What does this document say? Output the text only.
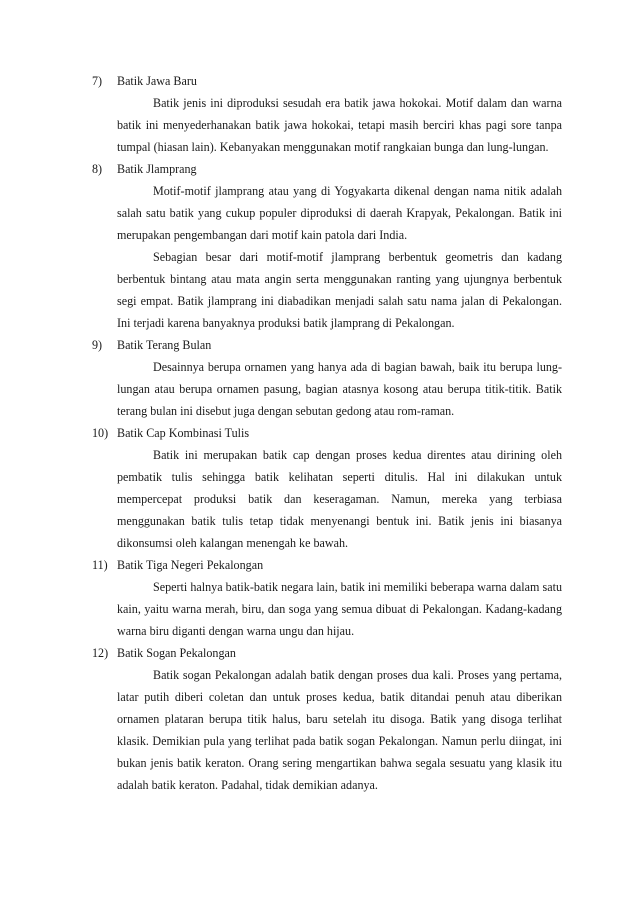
7)	Batik Jawa Baru

Batik jenis ini diproduksi sesudah era batik jawa hokokai. Motif dalam dan warna batik ini menyederhanakan batik jawa hokokai, tetapi masih berciri khas pagi sore tanpa tumpal (hiasan lain). Kebanyakan menggunakan motif rangkaian bunga dan lung-lungan.

8)	Batik Jlamprang

Motif-motif jlamprang atau yang di Yogyakarta dikenal dengan nama nitik adalah salah satu batik yang cukup populer diproduksi di daerah Krapyak, Pekalongan. Batik ini merupakan pengembangan dari motif kain patola dari India.

Sebagian besar dari motif-motif jlamprang berbentuk geometris dan kadang berbentuk bintang atau mata angin serta menggunakan ranting yang ujungnya berbentuk segi empat. Batik jlamprang ini diabadikan menjadi salah satu nama jalan di Pekalongan. Ini terjadi karena banyaknya produksi batik jlamprang di Pekalongan.

9)	Batik Terang Bulan

Desainnya berupa ornamen yang hanya ada di bagian bawah, baik itu berupa lung-lungan atau berupa ornamen pasung, bagian atasnya kosong atau berupa titik-titik. Batik terang bulan ini disebut juga dengan sebutan gedong atau rom-raman.

10) Batik Cap Kombinasi Tulis

Batik ini merupakan batik cap dengan proses kedua direntes atau dirining oleh pembatik tulis sehingga batik kelihatan seperti ditulis. Hal ini dilakukan untuk mempercepat produksi batik dan keseragaman. Namun, mereka yang terbiasa menggunakan batik tulis tetap tidak menyenangi bentuk ini. Batik jenis ini biasanya dikonsumsi oleh kalangan menengah ke bawah.

11) Batik Tiga Negeri Pekalongan

Seperti halnya batik-batik negara lain, batik ini memiliki beberapa warna dalam satu kain, yaitu warna merah, biru, dan soga yang semua dibuat di Pekalongan. Kadang-kadang warna biru diganti dengan warna ungu dan hijau.

12) Batik Sogan Pekalongan

Batik sogan Pekalongan adalah batik dengan proses dua kali. Proses yang pertama, latar putih diberi coletan dan untuk proses kedua, batik ditandai penuh atau diberikan ornamen plataran berupa titik halus, baru setelah itu disoga. Batik yang disoga terlihat klasik. Demikian pula yang terlihat pada batik sogan Pekalongan. Namun perlu diingat, ini bukan jenis batik keraton. Orang sering mengartikan bahwa segala sesuatu yang klasik itu adalah batik keraton. Padahal, tidak demikian adanya.
